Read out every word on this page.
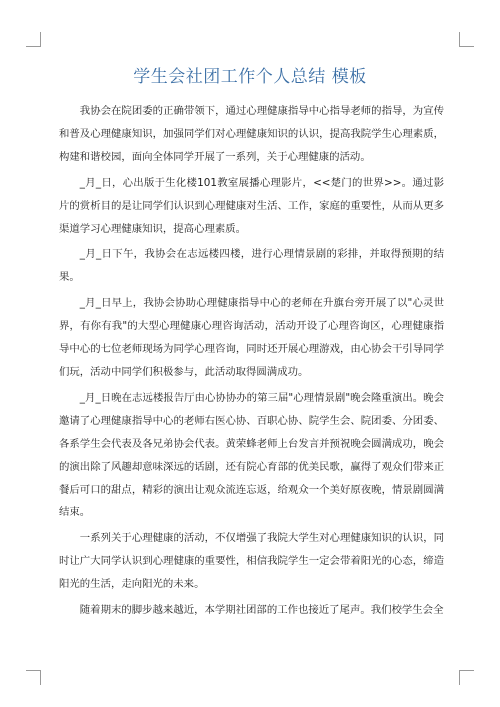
学生会社团工作个人总结 模板

我协会在院团委的正确带领下，通过心理健康指导中心指导老师的指导，为宣传和普及心理健康知识，加强同学们对心理健康知识的认识，提高我院学生心理素质，构建和谐校园，面向全体同学开展了一系列，关于心理健康的活动。

_月_日，心出版于生化楼101教室展播心理影片，<<楚门的世界>>。通过影片的赏析目的是让同学们认识到心理健康对生活、工作，家庭的重要性，从而从更多渠道学习心理健康知识，提高心理素质。

_月_日下午，我协会在志远楼四楼，进行心理情景剧的彩排，并取得预期的结果。

_月_日早上，我协会协助心理健康指导中心的老师在升旗台旁开展了以"心灵世界，有你有我"的大型心理健康心理咨询活动，活动开设了心理咨询区，心理健康指导中心的七位老师现场为同学心理咨询，同时还开展心理游戏，由心协会干引导同学们玩，活动中同学们积极参与，此活动取得圆满成功。

_月_日晚在志远楼报告厅由心协协办的第三届"心理情景剧"晚会隆重演出。晚会邀请了心理健康指导中心的老师右医心协、百职心协、院学生会、院团委、分团委、各系学生会代表及各兄弟协会代表。黄荣蜂老师上台发言并预祝晚会圆满成功，晚会的演出除了风趣却意味深远的话剧，还有院心育部的优美民歌，赢得了观众们带来正餐后可口的甜点，精彩的演出让观众流连忘返，给观众一个美好原夜晚，情景剧圆满结束。

一系列关于心理健康的活动，不仅增强了我院大学生对心理健康知识的认识，同时让广大同学认识到心理健康的重要性，相信我院学生一定会带着阳光的心态，缔造阳光的生活，走向阳光的未来。

随着期末的脚步越来越近，本学期社团部的工作也接近了尾声。我们校学生会全
